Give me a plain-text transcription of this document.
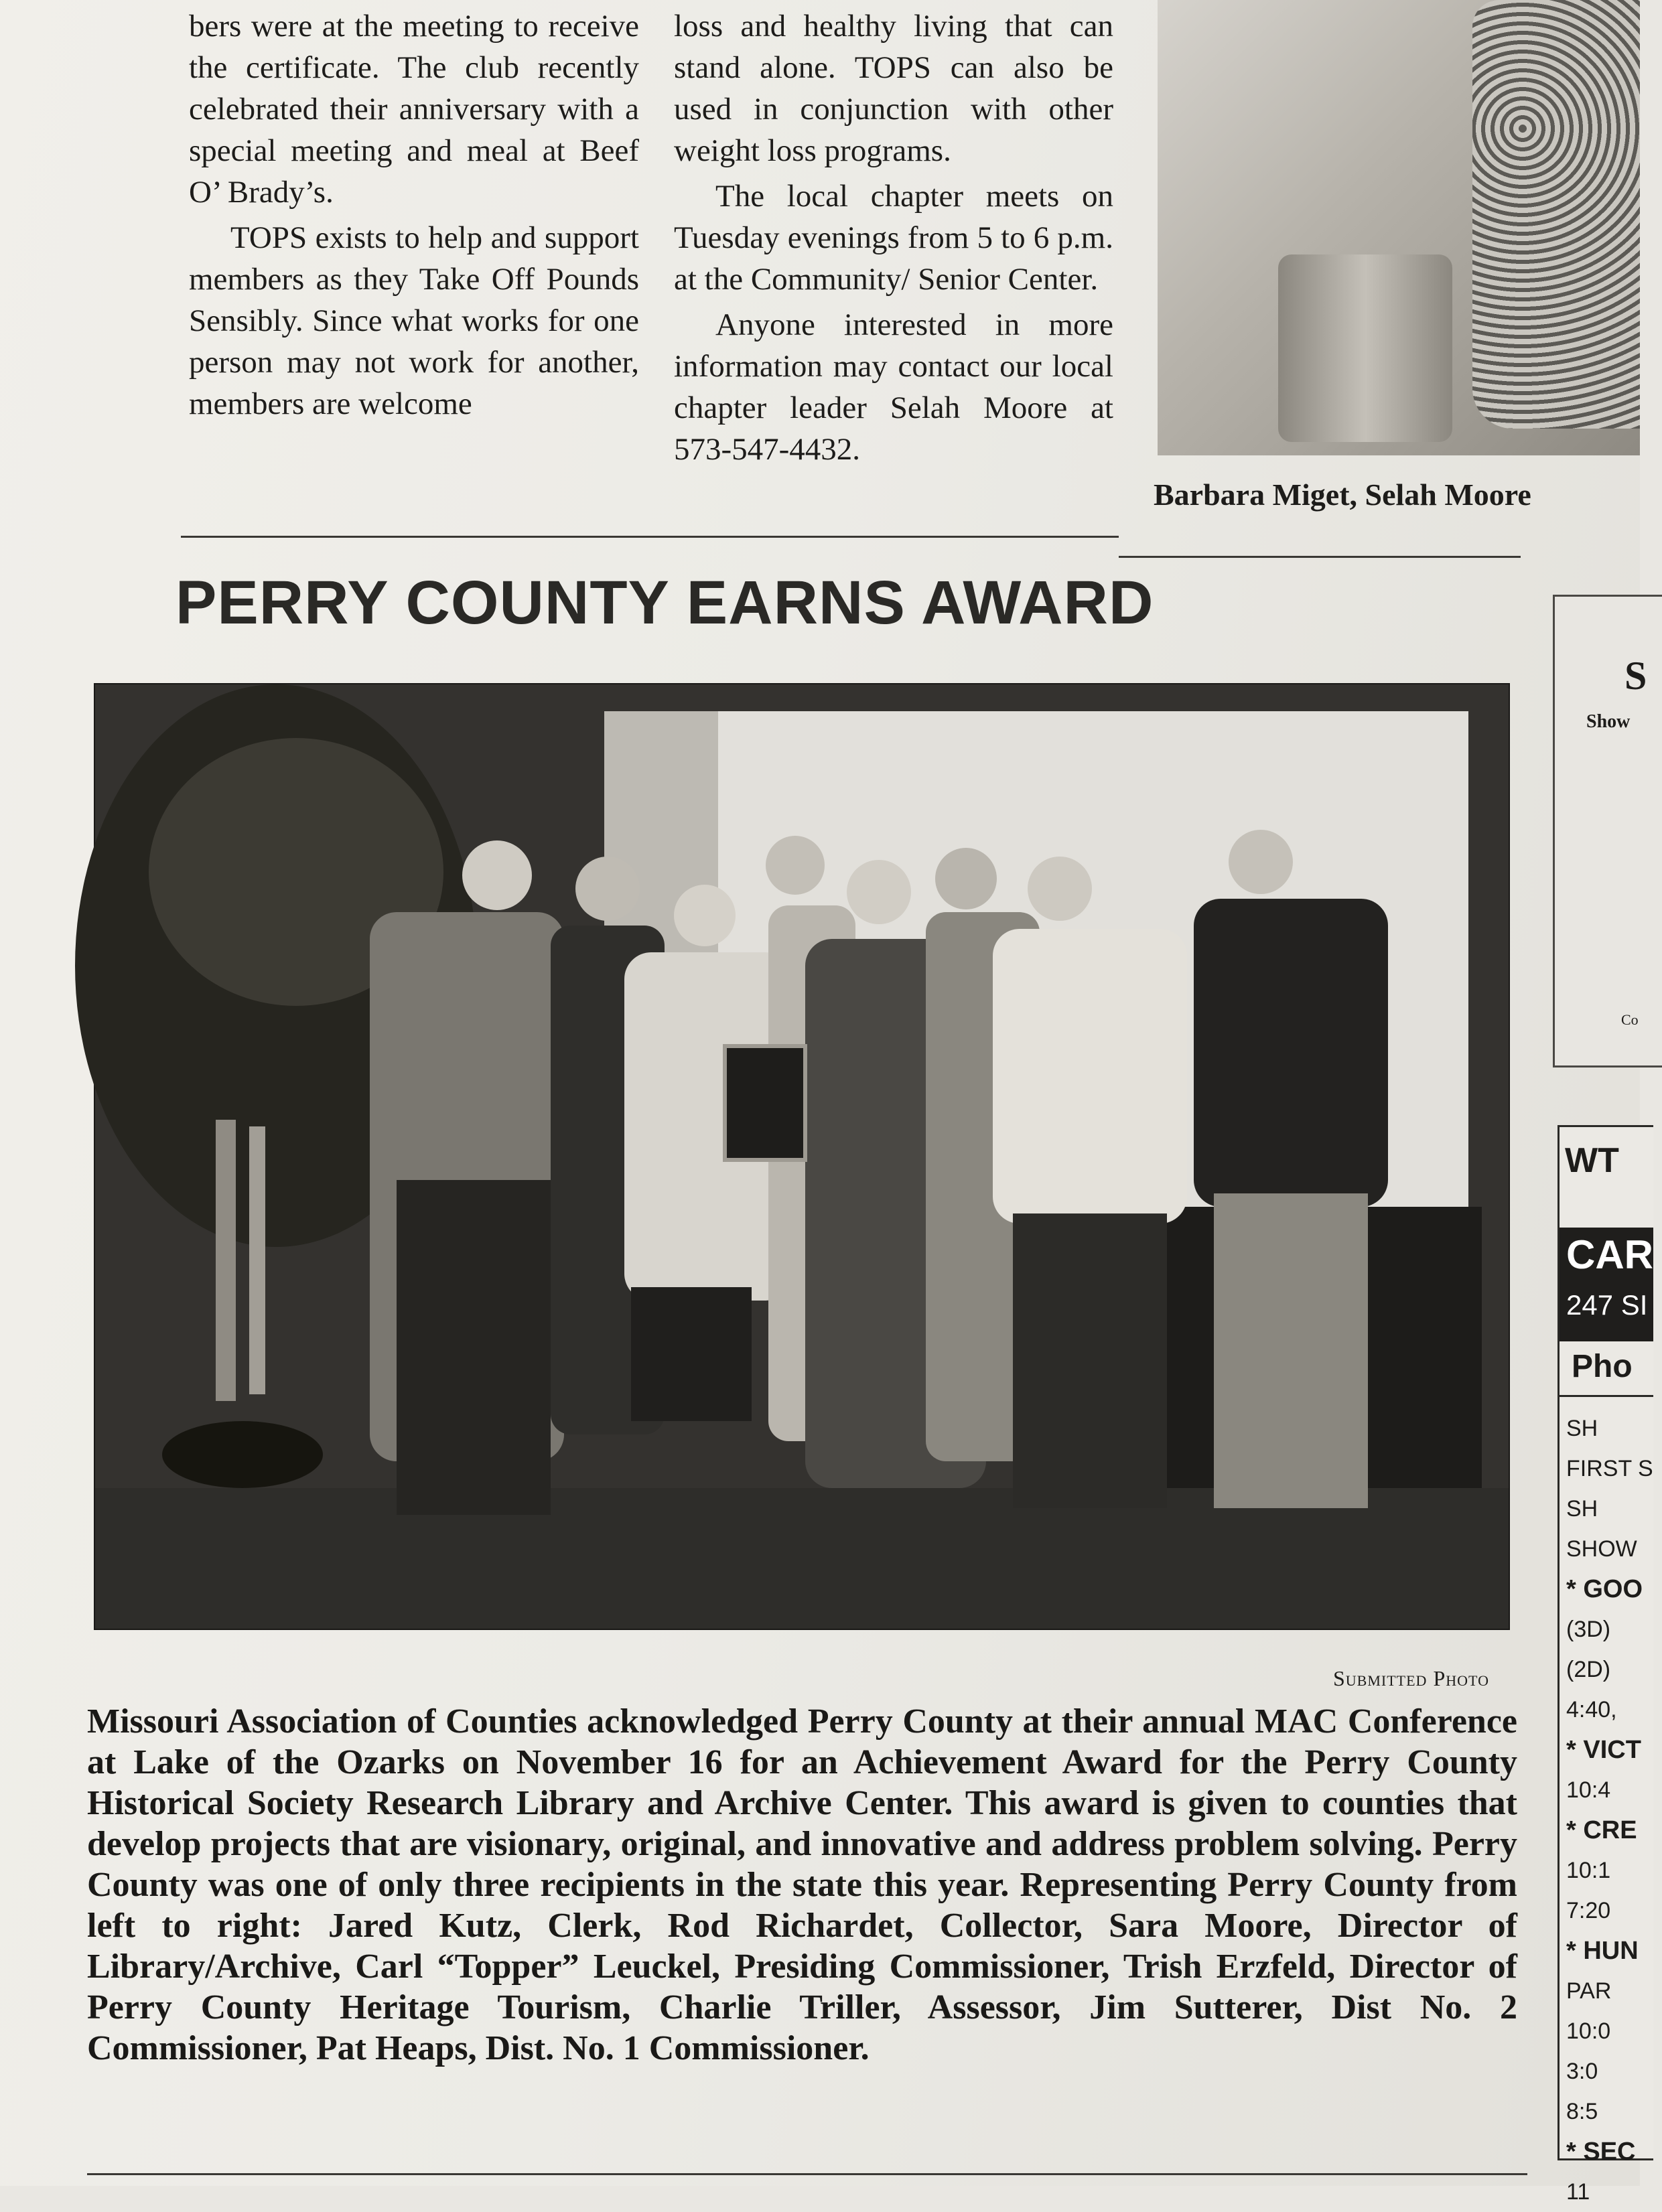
bers were at the meeting to receive the certificate. The club recently celebrated their anniversary with a special meeting and meal at Beef O’ Brady’s.

TOPS exists to help and support members as they Take Off Pounds Sensibly. Since what works for one person may not work for another, members are welcome

loss and healthy living that can stand alone. TOPS can also be used in conjunction with other weight loss programs.

The local chapter meets on Tuesday evenings from 5 to 6 p.m. at the Community/ Senior Center.

Anyone interested in more information may contact our local chapter leader Selah Moore at 573-547-4432.

Barbara Miget, Selah Moore
PERRY COUNTY EARNS AWARD
Submitted Photo
Missouri Association of Counties acknowledged Perry County at their annual MAC Conference at Lake of the Ozarks on November 16 for an Achievement Award for the Perry County Historical Society Research Library and Archive Center. This award is given to counties that develop projects that are visionary, original, and innovative and address problem solving. Perry County was one of only three recipients in the state this year. Representing Perry County from left to right: Jared Kutz, Clerk, Rod Richardet, Collector, Sara Moore, Director of Library/Archive, Carl “Topper” Leuckel, Presiding Commissioner, Trish Erzfeld, Director of Perry County Heritage Tourism, Charlie Triller, Assessor, Jim Sutterer, Dist No. 2 Commissioner, Pat Heaps, Dist. No. 1 Commissioner.
S
Show
Co
WT
CAR
247 SI
Pho
SH
FIRST S
SH
SHOW
* GOO
(3D)
(2D)
4:40,
* VICT
10:4
* CRE
10:1
7:20
* HUN
PAR
10:0
3:0
8:5
* SEC
11
